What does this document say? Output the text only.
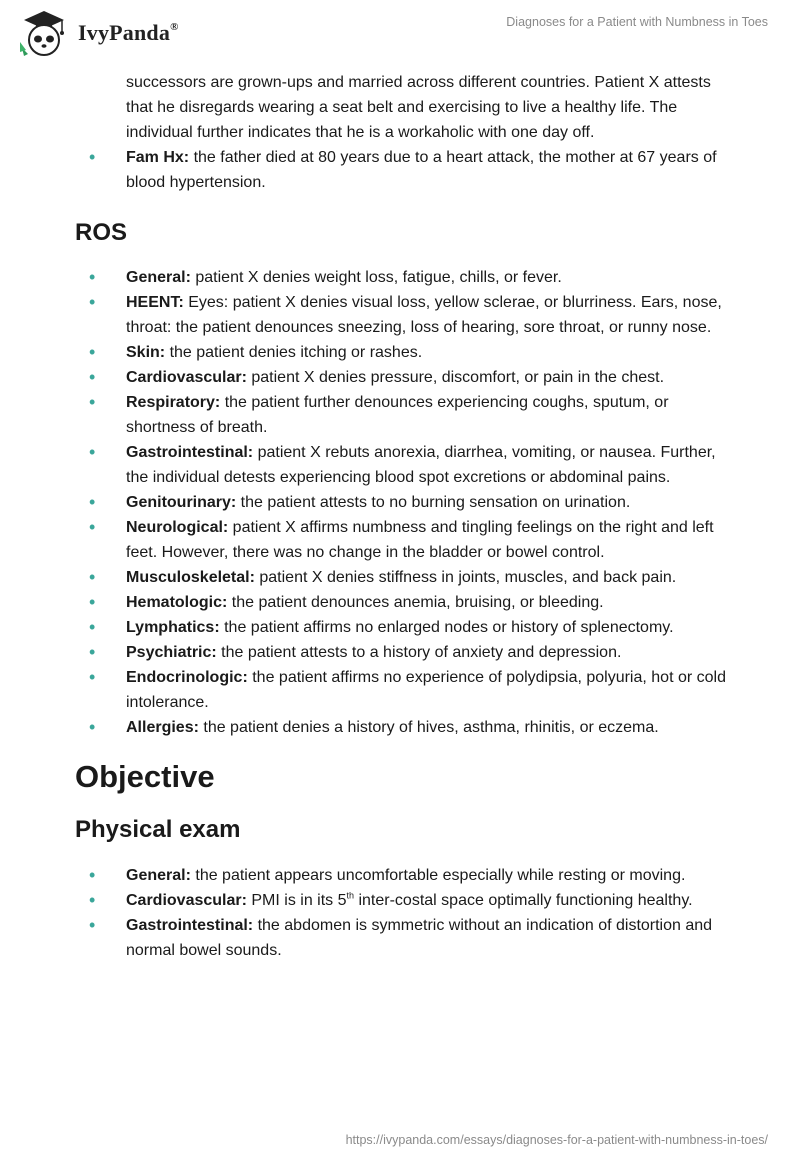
IvyPanda®	Diagnoses for a Patient with Numbness in Toes

successors are grown-ups and married across different countries. Patient X attests that he disregards wearing a seat belt and exercising to live a healthy life. The individual further indicates that he is a workaholic with one day off.

• Fam Hx: the father died at 80 years due to a heart attack, the mother at 67 years of blood hypertension.
ROS
• General: patient X denies weight loss, fatigue, chills, or fever.
• HEENT: Eyes: patient X denies visual loss, yellow sclerae, or blurriness. Ears, nose, throat: the patient denounces sneezing, loss of hearing, sore throat, or runny nose.
• Skin: the patient denies itching or rashes.
• Cardiovascular: patient X denies pressure, discomfort, or pain in the chest.
• Respiratory: the patient further denounces experiencing coughs, sputum, or shortness of breath.
• Gastrointestinal: patient X rebuts anorexia, diarrhea, vomiting, or nausea. Further, the individual detests experiencing blood spot excretions or abdominal pains.
• Genitourinary: the patient attests to no burning sensation on urination.
• Neurological: patient X affirms numbness and tingling feelings on the right and left feet. However, there was no change in the bladder or bowel control.
• Musculoskeletal: patient X denies stiffness in joints, muscles, and back pain.
• Hematologic: the patient denounces anemia, bruising, or bleeding.
• Lymphatics: the patient affirms no enlarged nodes or history of splenectomy.
• Psychiatric: the patient attests to a history of anxiety and depression.
• Endocrinologic: the patient affirms no experience of polydipsia, polyuria, hot or cold intolerance.
• Allergies: the patient denies a history of hives, asthma, rhinitis, or eczema.
Objective
Physical exam
• General: the patient appears uncomfortable especially while resting or moving.
• Cardiovascular: PMI is in its 5th inter-costal space optimally functioning healthy.
• Gastrointestinal: the abdomen is symmetric without an indication of distortion and normal bowel sounds.
https://ivypanda.com/essays/diagnoses-for-a-patient-with-numbness-in-toes/
